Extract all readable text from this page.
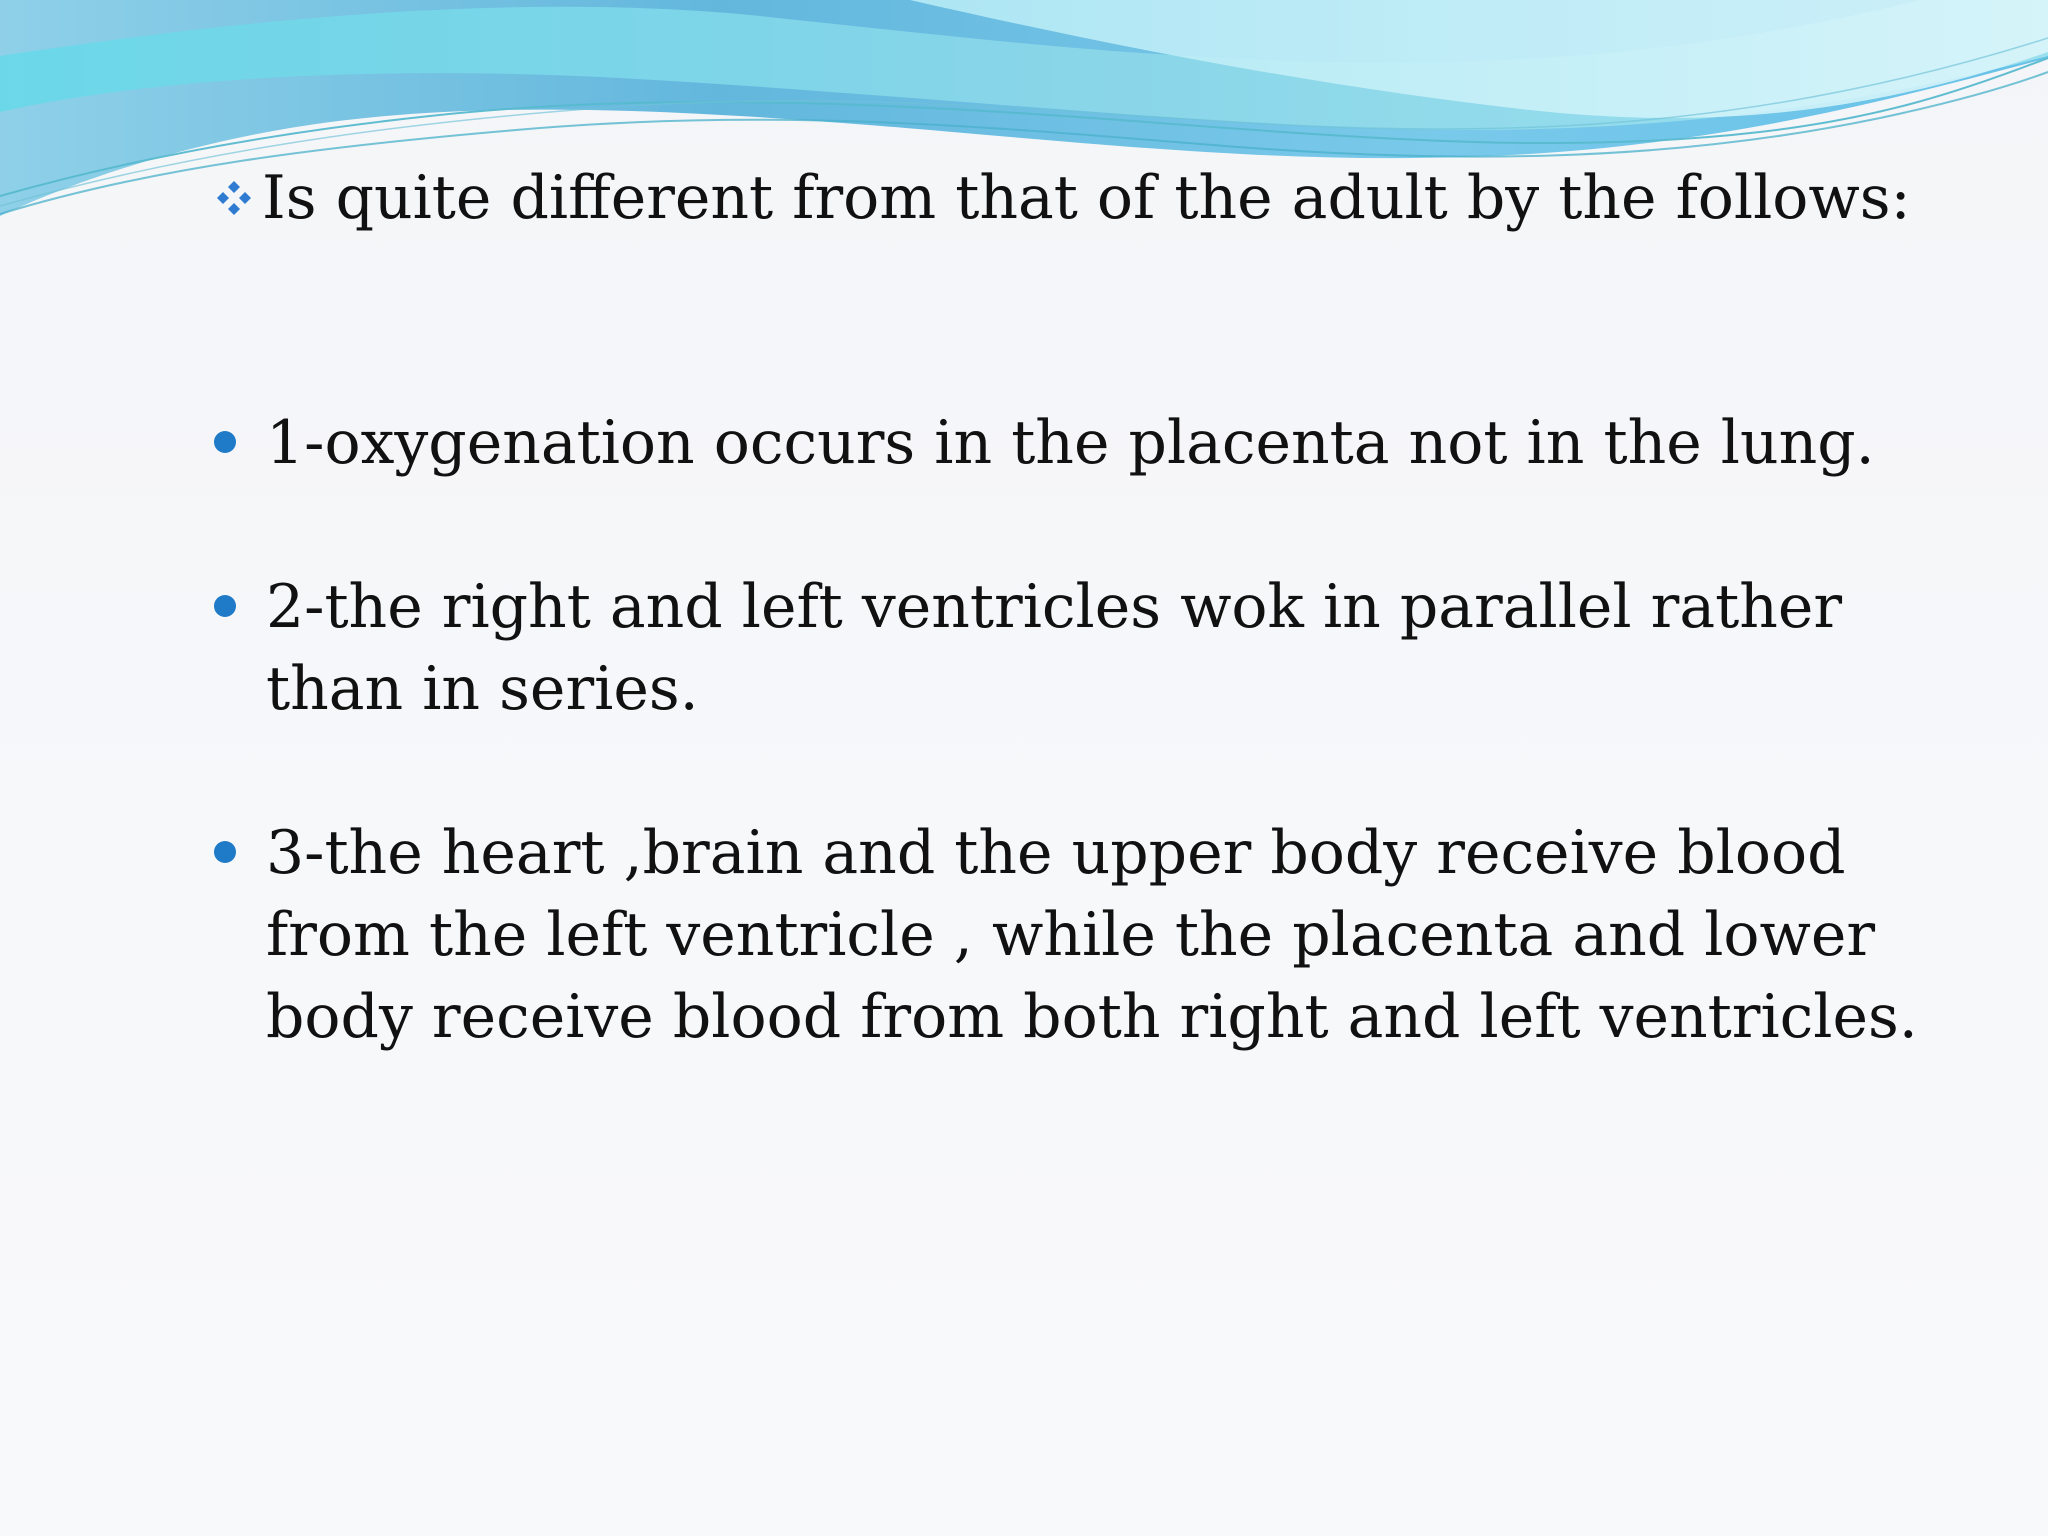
Is quite different from that of the adult by the follows:
1-oxygenation occurs in the placenta not in the lung.
2-the right and left ventricles wok in parallel rather than in series.
3-the heart ,brain and the upper body receive blood from the left ventricle , while the placenta and lower body receive blood from both right and left ventricles.
